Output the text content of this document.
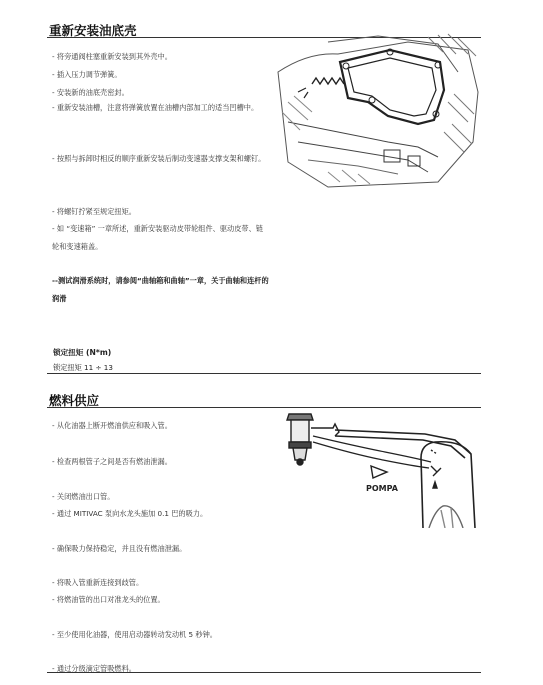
重新安装油底壳

- 将旁通阀柱塞重新安装到其外壳中。

- 插入压力调节弹簧。

- 安装新的油底壳密封。

- 重新安装油槽，注意将弹簧放置在油槽内部加工的适当凹槽中。

- 按照与拆卸时相反的顺序重新安装后制动变速器支撑支架和螺钉。

- 将螺钉拧紧至规定扭矩。

- 如 “变速箱” 一章所述，重新安装驱动皮带轮组件、驱动皮带、链轮和变速箱盖。

--测试润滑系统时，请参阅“曲轴箱和曲轴”一章，关于曲轴和连杆的润滑

锁定扭矩 (N*m)
锁定扭矩 11 ÷ 13
燃料供应

- 从化油器上断开燃油供应和吸入管。

- 检查两根管子之间是否有燃油泄漏。

- 关闭燃油出口管。

- 通过 MITIVAC 泵向水龙头施加 0.1 巴的吸力。

- 确保吸力保持稳定，并且没有燃油泄漏。

- 将吸入管重新连接到歧管。

- 将燃油管的出口对准龙头的位置。

- 至少使用化油器，使用启动器转动发动机 5 秒钟。

- 通过分级滴定管吸燃料。

POMPA
